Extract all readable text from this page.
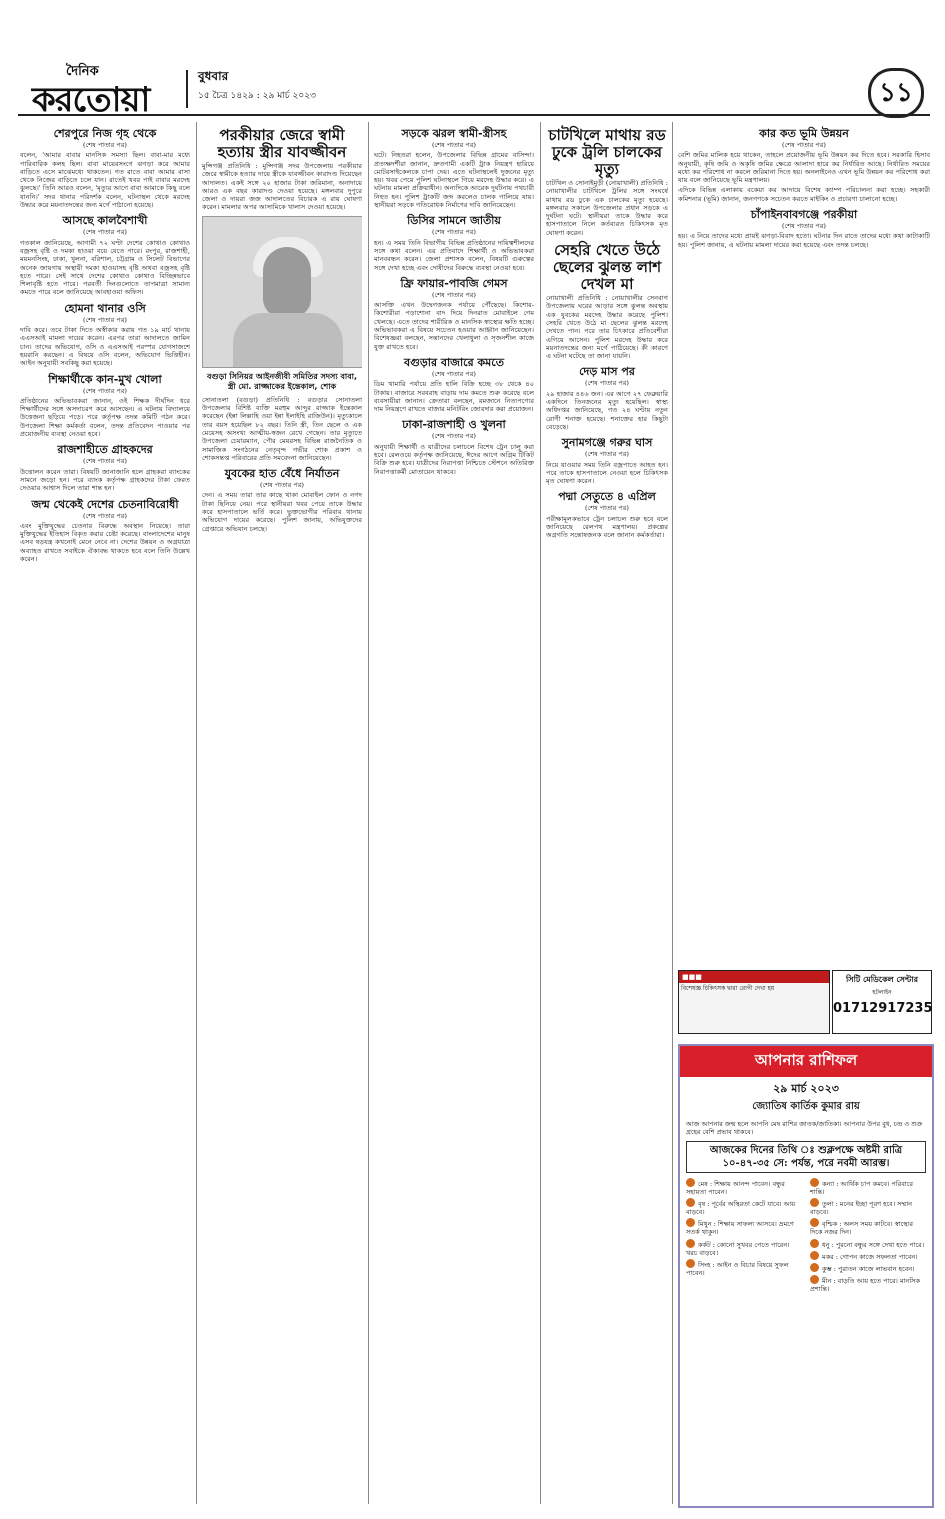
দৈনিক
করতোয়া
বুধবার
১৫ চৈত্র ১৪২৯ : ২৯ মার্চ ২০২৩	১১
শেরপুরে নিজ গৃহ থেকে
(শেষ পাতার পর)

বলেন, 'আমার বাবার মানসিক সমস্যা ছিল। বাবা-মার মধ্যে পারিবারিক কলহ ছিল। বাবা মায়েরসংগে ঝগড়া করে আমার বাড়িতে এসে মাঝেমধ্যে থাকতেন। গত রাতে বাবা আমার বাসা থেকে নিজের বাড়িতে চলে যান। রাতেই খবর পাই বাবার মরদেহ ঝুলছে।' তিনি আরও বলেন, 'মৃত্যুর আগে বাবা আমাকে কিছু বলে যাননি।' সদর থানার পরিদর্শক বলেন, ঘটনাস্থল থেকে মরদেহ উদ্ধার করে ময়নাতদন্তের জন্য মর্গে পাঠানো হয়েছে।

আসছে কালবৈশাখী
(শেষ পাতার পর)

গতকাল জানিয়েছে, আগামী ৭২ ঘণ্টা দেশের কোথাও কোথাও বজ্রসহ বৃষ্টি ও দমকা হাওয়া বয়ে যেতে পারে। রংপুর, রাজশাহী, ময়মনসিংহ, ঢাকা, খুলনা, বরিশাল, চট্টগ্রাম ও সিলেট বিভাগের অনেক জায়গায় অস্থায়ী দমকা হাওয়াসহ বৃষ্টি অথবা বজ্রসহ বৃষ্টি হতে পারে। সেই সাথে দেশের কোথাও কোথাও বিচ্ছিন্নভাবে শিলাবৃষ্টি হতে পারে। পরবর্তী দিনগুলোতে তাপমাত্রা সামান্য কমতে পারে বলে জানিয়েছে আবহাওয়া অফিস।

হোমনা থানার ওসি
(শেষ পাতার পর)

দাবি করে। তবে টাকা দিতে অস্বীকার করায় গত ১৯ মার্চ থানায় এএসআই মামলা দায়ের করেন। এরপর তারা আদালতে জামিন চান। তাদের অভিযোগ, ওসি ও এএসআই পরস্পর যোগসাজশে হয়রানি করছেন। এ বিষয়ে ওসি বলেন, অভিযোগ ভিত্তিহীন। আইন অনুযায়ী সবকিছু করা হয়েছে।

শিক্ষার্থীকে কান-মুখ খোলা
(শেষ পাতার পর)

প্রতিষ্ঠানের অভিভাবকরা জানান, ওই শিক্ষক দীর্ঘদিন ধরে শিক্ষার্থীদের সঙ্গে অসদাচরণ করে আসছেন। এ ঘটনায় বিদ্যালয়ে উত্তেজনা ছড়িয়ে পড়ে। পরে কর্তৃপক্ষ তদন্ত কমিটি গঠন করে। উপজেলা শিক্ষা কর্মকর্তা বলেন, তদন্ত প্রতিবেদন পাওয়ার পর প্রয়োজনীয় ব্যবস্থা নেওয়া হবে।

রাজশাহীতে গ্রাহকদের
(শেষ পাতার পর)

উত্তোলন করেন তারা। বিষয়টি জানাজানি হলে গ্রাহকরা ব্যাংকের সামনে জড়ো হন। পরে ব্যাংক কর্তৃপক্ষ গ্রাহকদের টাকা ফেরত দেওয়ার আশ্বাস দিলে তারা শান্ত হন।

জন্ম থেকেই দেশের চেতনাবিরোধী
(শেষ পাতার পর)

এবং মুক্তিযুদ্ধের চেতনার বিরুদ্ধে অবস্থান নিয়েছে। তারা মুক্তিযুদ্ধের ইতিহাস বিকৃত করার চেষ্টা করেছে। বাংলাদেশের মানুষ এসব ষড়যন্ত্র কখনোই মেনে নেবে না। দেশের উন্নয়ন ও অগ্রযাত্রা অব্যাহত রাখতে সবাইকে ঐক্যবদ্ধ থাকতে হবে বলে তিনি উল্লেখ করেন।

পরকীয়ার জেরে স্বামী হত্যায় স্ত্রীর যাবজ্জীবন

মুন্সিগঞ্জ প্রতিনিধি : মুন্সিগঞ্জ সদর উপজেলায় পরকীয়ার জেরে স্বামীকে হত্যার দায়ে স্ত্রীকে যাবজ্জীবন কারাদণ্ড দিয়েছেন আদালত। একই সঙ্গে ২০ হাজার টাকা জরিমানা, অনাদায়ে আরও এক বছর কারাদণ্ড দেওয়া হয়েছে। মঙ্গলবার দুপুরে জেলা ও দায়রা জজ আদালতের বিচারক এ রায় ঘোষণা করেন। মামলার অপর আসামিকে খালাস দেওয়া হয়েছে।

বগুড়া সিনিয়র আইনজীবী সমিতির সদস্য বাবা, স্ত্রী মো. রাজ্জাকের ইন্তেকাল, শোক

সোনাতলা (বগুড়া) প্রতিনিধি : বগুড়ার সোনাতলা উপজেলার বিশিষ্ট ব্যক্তি মরহুম আব্দুর রাজ্জাক ইন্তেকাল করেছেন (ইন্না লিল্লাহি ওয়া ইন্না ইলাইহি রাজিউন)। মৃত্যুকালে তার বয়স হয়েছিল ৮২ বছর। তিনি স্ত্রী, তিন ছেলে ও এক মেয়েসহ অসংখ্য আত্মীয়-স্বজন রেখে গেছেন। তার মৃত্যুতে উপজেলা চেয়ারম্যান, পৌর মেয়রসহ বিভিন্ন রাজনৈতিক ও সামাজিক সংগঠনের নেতৃবৃন্দ গভীর শোক প্রকাশ ও শোকসন্তপ্ত পরিবারের প্রতি সমবেদনা জানিয়েছেন।

যুবকের হাত বেঁধে নির্যাতন
(শেষ পাতার পর)

দেন। এ সময় তারা তার কাছে থাকা মোবাইল ফোন ও নগদ টাকা ছিনিয়ে নেয়। পরে স্থানীয়রা খবর পেয়ে তাকে উদ্ধার করে হাসপাতালে ভর্তি করে। ভুক্তভোগীর পরিবার থানায় অভিযোগ দায়ের করেছে। পুলিশ জানায়, অভিযুক্তদের গ্রেপ্তারে অভিযান চলছে।

সড়কে ঝরল স্বামী-স্ত্রীসহ
(শেষ পাতার পর)

ঘটে। নিহতরা হলেন, উপজেলার বিভিন্ন গ্রামের বাসিন্দা। প্রত্যক্ষদর্শীরা জানান, দ্রুতগামী একটি ট্রাক নিয়ন্ত্রণ হারিয়ে মোটরসাইকেলকে চাপা দেয়। এতে ঘটনাস্থলেই দুজনের মৃত্যু হয়। খবর পেয়ে পুলিশ ঘটনাস্থলে গিয়ে মরদেহ উদ্ধার করে। এ ঘটনায় মামলা প্রক্রিয়াধীন। অন্যদিকে আরেক দুর্ঘটনায় পথচারী নিহত হন। পুলিশ ট্রাকটি জব্দ করলেও চালক পালিয়ে যায়। স্থানীয়রা সড়কে গতিরোধক নির্মাণের দাবি জানিয়েছেন।

ডিসির সামনে জাতীয়
(শেষ পাতার পর)

হন। এ সময় তিনি বিভাগীয় বিভিন্ন প্রতিষ্ঠানের দায়িত্বশীলদের সঙ্গে কথা বলেন। এর প্রতিবাদে শিক্ষার্থী ও অভিভাবকরা মানববন্ধন করেন। জেলা প্রশাসক বলেন, বিষয়টি গুরুত্বের সঙ্গে দেখা হচ্ছে এবং দোষীদের বিরুদ্ধে ব্যবস্থা নেওয়া হবে।

ফ্রি ফায়ার-পাবজি গেমস
(শেষ পাতার পর)

আসক্তি এখন উদ্বেগজনক পর্যায়ে পৌঁছেছে। কিশোর-কিশোরীরা পড়াশোনা বাদ দিয়ে দিনরাত মোবাইলে গেম খেলছে। এতে তাদের শারীরিক ও মানসিক স্বাস্থ্যের ক্ষতি হচ্ছে। অভিভাবকরা এ বিষয়ে সচেতন হওয়ার আহ্বান জানিয়েছেন। বিশেষজ্ঞরা বলছেন, সন্তানদের খেলাধুলা ও সৃজনশীল কাজে যুক্ত রাখতে হবে।

বগুড়ার বাজারে কমতে
(শেষ পাতার পর)

ডিম খামারি পর্যায়ে প্রতি হালি বিক্রি হচ্ছে ৩৮ থেকে ৪০ টাকায়। বাজারে সরবরাহ বাড়ায় দাম কমতে শুরু করেছে বলে ব্যবসায়ীরা জানান। ক্রেতারা বলছেন, রমজানে নিত্যপণ্যের দাম নিয়ন্ত্রণে রাখতে বাজার মনিটরিং জোরদার করা প্রয়োজন।

ঢাকা-রাজশাহী ও খুলনা
(শেষ পাতার পর)

অনুযায়ী শিক্ষার্থী ও যাত্রীদের চলাচলে বিশেষ ট্রেন চালু করা হবে। রেলওয়ে কর্তৃপক্ষ জানিয়েছে, ঈদের আগে অগ্রিম টিকিট বিক্রি শুরু হবে। যাত্রীদের নিরাপত্তা নিশ্চিতে স্টেশনে অতিরিক্ত নিরাপত্তাকর্মী মোতায়েন থাকবে।

চাটখিলে মাথায় রড ঢুকে ট্রলি চালকের মৃত্যু

চাটখিল ও সোনাইমুড়ী (নোয়াখালী) প্রতিনিধি : নোয়াখালীর চাটখিলে ট্রলির সঙ্গে সংঘর্ষে মাথায় রড ঢুকে এক চালকের মৃত্যু হয়েছে। মঙ্গলবার সকালে উপজেলার প্রধান সড়কে এ দুর্ঘটনা ঘটে। স্থানীয়রা তাকে উদ্ধার করে হাসপাতালে নিলে কর্তব্যরত চিকিৎসক মৃত ঘোষণা করেন।

সেহরি খেতে উঠে ছেলের ঝুলন্ত লাশ দেখল মা

নোয়াখালী প্রতিনিধি : নোয়াখালীর সেনবাগ উপজেলায় ঘরের আড়ার সঙ্গে ঝুলন্ত অবস্থায় এক যুবকের মরদেহ উদ্ধার করেছে পুলিশ। সেহরি খেতে উঠে মা ছেলের ঝুলন্ত মরদেহ দেখতে পান। পরে তার চিৎকারে প্রতিবেশীরা এগিয়ে আসেন। পুলিশ মরদেহ উদ্ধার করে ময়নাতদন্তের জন্য মর্গে পাঠিয়েছে। কী কারণে এ ঘটনা ঘটেছে তা জানা যায়নি।

দেড় মাস পর
(শেষ পাতার পর)

২৯ হাজার ৪৪৬ জন। এর আগে ২৭ ফেব্রুয়ারি একদিনে তিনজনের মৃত্যু হয়েছিল। স্বাস্থ্য অধিদপ্তর জানিয়েছে, গত ২৪ ঘণ্টায় নতুন রোগী শনাক্ত হয়েছে। শনাক্তের হার কিছুটা বেড়েছে।

সুনামগঞ্জে গরুর ঘাস
(শেষ পাতার পর)

নিয়ে যাওয়ার সময় তিনি বজ্রপাতে আহত হন। পরে তাকে হাসপাতালে নেওয়া হলে চিকিৎসক মৃত ঘোষণা করেন।

পদ্মা সেতুতে ৪ এপ্রিল
(শেষ পাতার পর)

পরীক্ষামূলকভাবে ট্রেন চলাচল শুরু হবে বলে জানিয়েছে রেলপথ মন্ত্রণালয়। প্রকল্পের অগ্রগতি সন্তোষজনক বলে জানান কর্মকর্তারা।

কার কত ভূমি উন্নয়ন
(শেষ পাতার পর)

বেশি জমির মালিক হয়ে থাকেন, তাহলে প্রয়োজনীয় ভূমি উন্নয়ন কর দিতে হবে। সরকারি হিসাব অনুযায়ী, কৃষি জমি ও অকৃষি জমির ক্ষেত্রে আলাদা হারে কর নির্ধারিত আছে। নির্ধারিত সময়ের মধ্যে কর পরিশোধ না করলে জরিমানা দিতে হয়। অনলাইনেও এখন ভূমি উন্নয়ন কর পরিশোধ করা যায় বলে জানিয়েছে ভূমি মন্ত্রণালয়।

এদিকে বিভিন্ন এলাকায় বকেয়া কর আদায়ে বিশেষ ক্যাম্প পরিচালনা করা হচ্ছে। সহকারী কমিশনার (ভূমি) জানান, জনগণকে সচেতন করতে মাইকিং ও প্রচারণা চালানো হচ্ছে।

চাঁপাইনবাবগঞ্জে পরকীয়া
(শেষ পাতার পর)

হয়। এ নিয়ে তাদের মধ্যে প্রায়ই ঝগড়া-বিবাদ হতো। ঘটনার দিন রাতে তাদের মধ্যে কথা কাটাকাটি হয়। পুলিশ জানায়, এ ঘটনায় মামলা দায়ের করা হয়েছে এবং তদন্ত চলছে।

■■■
বিশেষজ্ঞ চিকিৎসক দ্বারা রোগী দেখা হয়
সিটি মেডিকেল সেন্টার
হটলাইন
01712917235
আপনার রাশিফল
২৯ মার্চ ২০২৩
জ্যোতিষ কার্তিক কুমার রায়
আজ আপনার জন্ম হলে আপনি মেষ রাশির জাতক/জাতিকা। আপনার উপর বুধ, চন্দ্র ও শুক্র গ্রহের বেশি প্রভাব থাকবে।
আজকের দিনের তিথি ঃ শুক্লপক্ষে অষ্টমী রাত্রি ১০-৪৭-৩৫ সে: পর্যন্ত, পরে নবমী আরম্ভ।
মেষ : শিক্ষায় আনন্দ পাবেন। বন্ধুর সহায়তা পাবেন।
বৃষ : পূর্বের অস্থিরতা কেটে যাবে। আয় বাড়বে।
মিথুন : শিক্ষায় সাফল্য আসবে। ভ্রমণে সতর্ক থাকুন।
কর্কট : কোনো সুখবর পেতে পারেন। খরচ বাড়বে।
সিংহ : আইন ও বিচার বিষয়ে সুফল পাবেন।
কন্যা : আর্থিক চাপ কমবে। পরিবারে শান্তি।
তুলা : মনের ইচ্ছা পূরণ হবে। সম্মান বাড়বে।
বৃশ্চিক : অলস সময় কাটবে। স্বাস্থ্যের দিকে নজর দিন।
ধনু : পুরনো বন্ধুর সঙ্গে দেখা হতে পারে।
মকর : গোপন কাজে সফলতা পাবেন।
কুম্ভ : পুরাতন কাজে লাভবান হবেন।
মীন : বাড়তি আয় হতে পারে। মানসিক প্রশান্তি।
